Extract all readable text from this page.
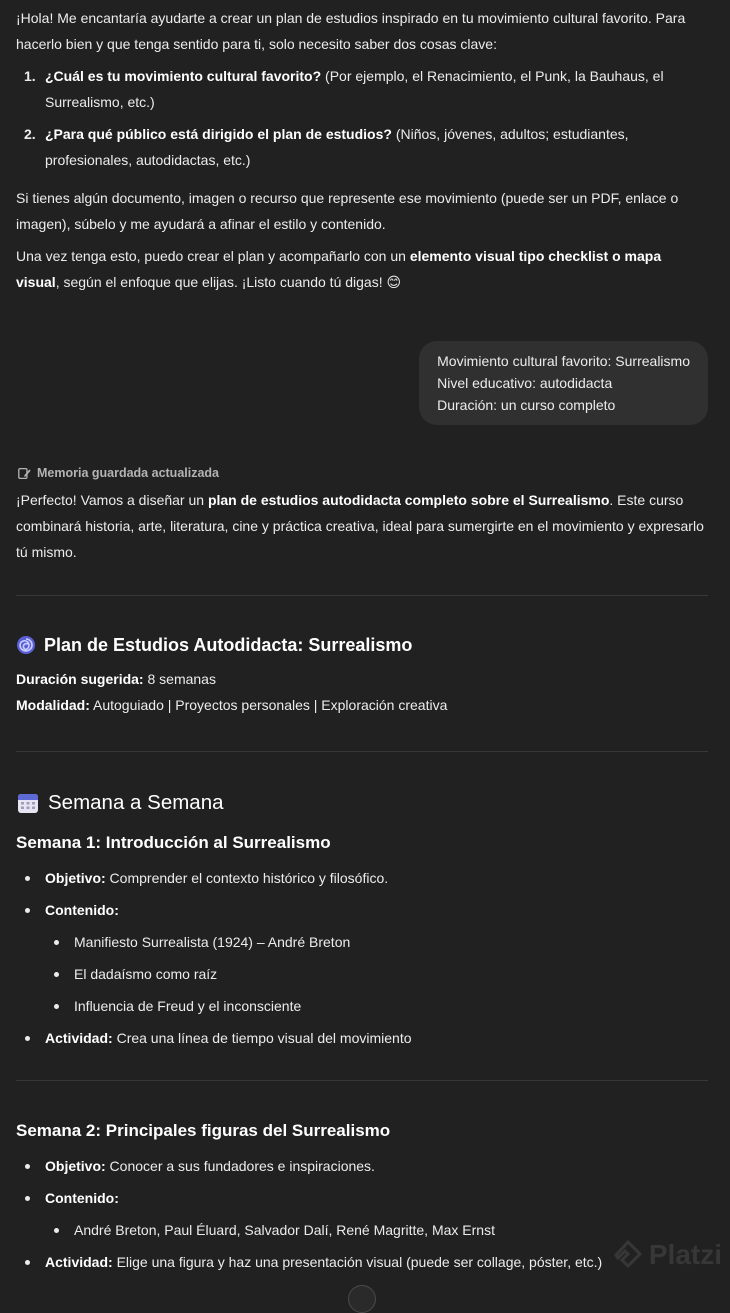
¡Hola! Me encantaría ayudarte a crear un plan de estudios inspirado en tu movimiento cultural favorito. Para hacerlo bien y que tenga sentido para ti, solo necesito saber dos cosas clave:

1. ¿Cuál es tu movimiento cultural favorito? (Por ejemplo, el Renacimiento, el Punk, la Bauhaus, el Surrealismo, etc.)
2. ¿Para qué público está dirigido el plan de estudios? (Niños, jóvenes, adultos; estudiantes, profesionales, autodidactas, etc.)

Si tienes algún documento, imagen o recurso que represente ese movimiento (puede ser un PDF, enlace o imagen), súbelo y me ayudará a afinar el estilo y contenido.

Una vez tenga esto, puedo crear el plan y acompañarlo con un elemento visual tipo checklist o mapa visual, según el enfoque que elijas. ¡Listo cuando tú digas! 😊

Movimiento cultural favorito: Surrealismo
Nivel educativo: autodidacta
Duración: un curso completo
Memoria guardada actualizada

¡Perfecto! Vamos a diseñar un plan de estudios autodidacta completo sobre el Surrealismo. Este curso combinará historia, arte, literatura, cine y práctica creativa, ideal para sumergirte en el movimiento y expresarlo tú mismo.

Plan de Estudios Autodidacta: Surrealismo

Duración sugerida: 8 semanas

Modalidad: Autoguiado | Proyectos personales | Exploración creativa

Semana a Semana
Semana 1: Introducción al Surrealismo
Objetivo: Comprender el contexto histórico y filosófico.
Contenido:
Manifiesto Surrealista (1924) – André Breton
El dadaísmo como raíz
Influencia de Freud y el inconsciente
Actividad: Crea una línea de tiempo visual del movimiento
Semana 2: Principales figuras del Surrealismo
Objetivo: Conocer a sus fundadores e inspiraciones.
Contenido:
André Breton, Paul Éluard, Salvador Dalí, René Magritte, Max Ernst
Actividad: Elige una figura y haz una presentación visual (puede ser collage, póster, etc.)	Platzi
